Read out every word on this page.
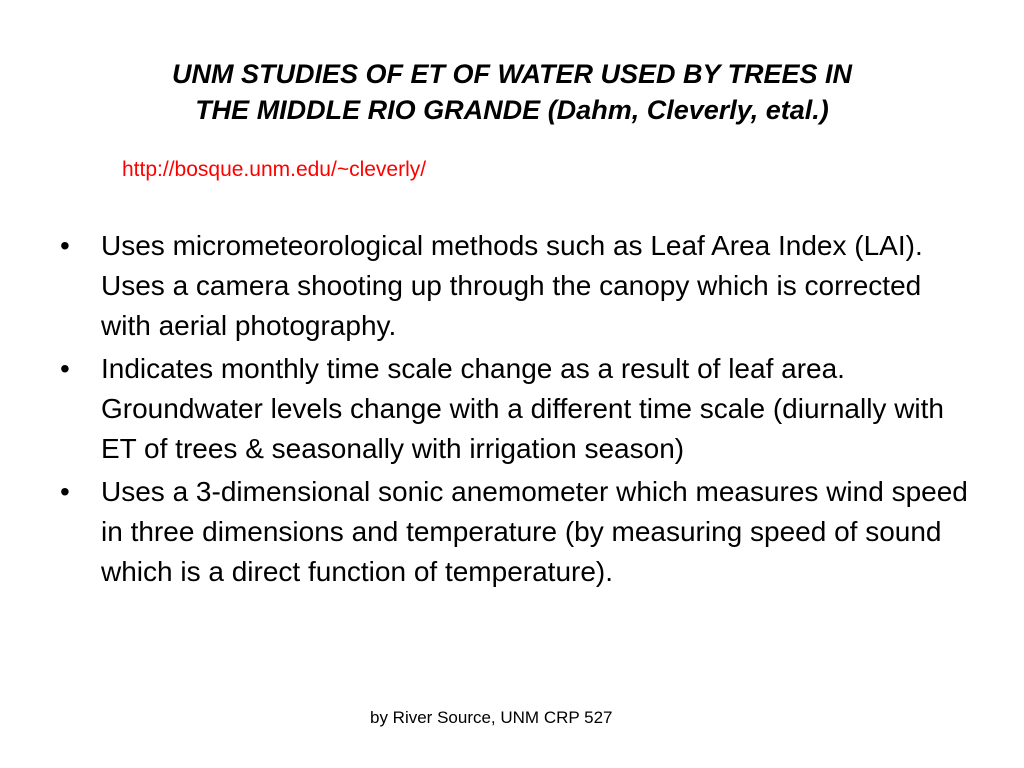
UNM STUDIES OF ET OF WATER USED BY TREES IN
THE MIDDLE RIO GRANDE (Dahm, Cleverly, etal.)
http://bosque.unm.edu/~cleverly/
•	Uses micrometeorological methods such as Leaf Area Index (LAI). Uses a camera shooting up through the canopy which is corrected with aerial photography.
•	Indicates monthly time scale change as a result of leaf area. Groundwater levels change with a different time scale (diurnally with ET of trees & seasonally with irrigation season)
•	Uses a 3-dimensional sonic anemometer which measures wind speed in three dimensions and temperature (by measuring speed of sound which is a direct function of temperature).
by River Source, UNM CRP 527
